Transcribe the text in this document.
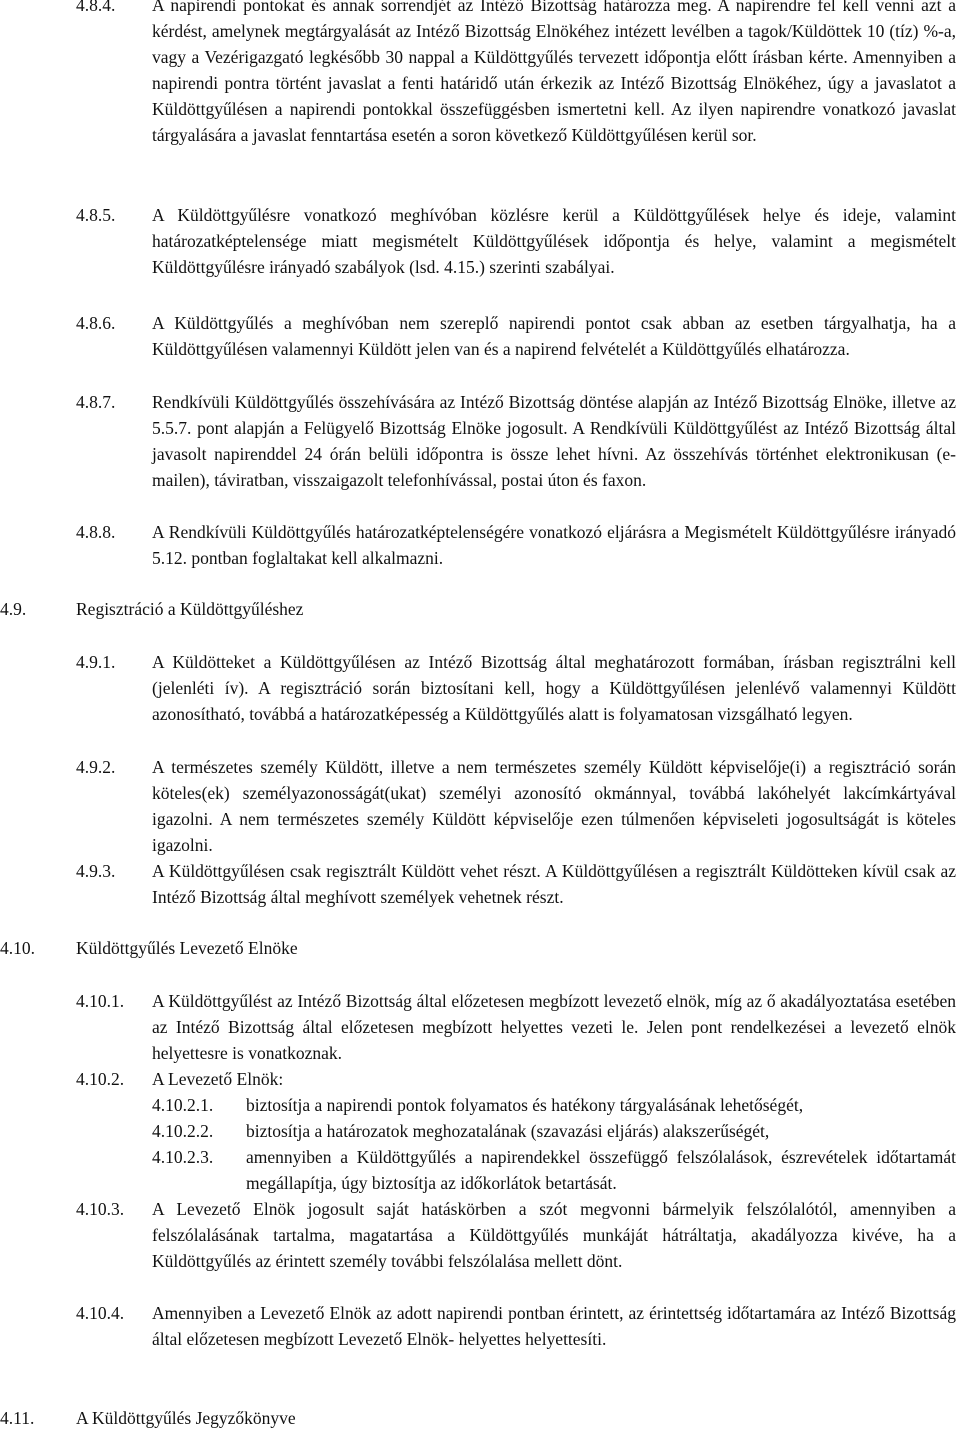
4.8.4. A napirendi pontokat és annak sorrendjét az Intéző Bizottság határozza meg. A napirendre fel kell venni azt a kérdést, amelynek megtárgyalását az Intéző Bizottság Elnökéhez intézett levélben a tagok/Küldöttek 10 (tíz) %-a, vagy a Vezérigazgató legkésőbb 30 nappal a Küldöttgyűlés tervezett időpontja előtt írásban kérte. Amennyiben a napirendi pontra történt javaslat a fenti határidő után érkezik az Intéző Bizottság Elnökéhez, úgy a javaslatot a Küldöttgyűlésen a napirendi pontokkal összefüggésben ismertetni kell. Az ilyen napirendre vonatkozó javaslat tárgyalására a javaslat fenntartása esetén a soron következő Küldöttgyűlésen kerül sor.
4.8.5. A Küldöttgyűlésre vonatkozó meghívóban közlésre kerül a Küldöttgyűlések helye és ideje, valamint határozatképtelensége miatt megismételt Küldöttgyűlések időpontja és helye, valamint a megismételt Küldöttgyűlésre irányadó szabályok (lsd. 4.15.) szerinti szabályai.
4.8.6. A Küldöttgyűlés a meghívóban nem szereplő napirendi pontot csak abban az esetben tárgyalhatja, ha a Küldöttgyűlésen valamennyi Küldött jelen van és a napirend felvételét a Küldöttgyűlés elhatározza.
4.8.7. Rendkívüli Küldöttgyűlés összehívására az Intéző Bizottság döntése alapján az Intéző Bizottság Elnöke, illetve az 5.5.7. pont alapján a Felügyelő Bizottság Elnöke jogosult. A Rendkívüli Küldöttgyűlést az Intéző Bizottság által javasolt napirenddel 24 órán belüli időpontra is össze lehet hívni. Az összehívás történhet elektronikusan (e-mailen), táviratban, visszaigazolt telefonhívással, postai úton és faxon.
4.8.8. A Rendkívüli Küldöttgyűlés határozatképtelenségére vonatkozó eljárásra a Megismételt Küldöttgyűlésre irányadó 5.12. pontban foglaltakat kell alkalmazni.
4.9.	Regisztráció a Küldöttgyűléshez
4.9.1. A Küldötteket a Küldöttgyűlésen az Intéző Bizottság által meghatározott formában, írásban regisztrálni kell (jelenléti ív). A regisztráció során biztosítani kell, hogy a Küldöttgyűlésen jelenlévő valamennyi Küldött azonosítható, továbbá a határozatképesség a Küldöttgyűlés alatt is folyamatosan vizsgálható legyen.
4.9.2. A természetes személy Küldött, illetve a nem természetes személy Küldött képviselője(i) a regisztráció során köteles(ek) személyazonosságát(ukat) személyi azonosító okmánnyal, továbbá lakóhelyét lakcímkártyával igazolni. A nem természetes személy Küldött képviselője ezen túlmenően képviseleti jogosultságát is köteles igazolni.
4.9.3. A Küldöttgyűlésen csak regisztrált Küldött vehet részt. A Küldöttgyűlésen a regisztrált Küldötteken kívül csak az Intéző Bizottság által meghívott személyek vehetnek részt.
4.10. Küldöttgyűlés Levezető Elnöke
4.10.1. A Küldöttgyűlést az Intéző Bizottság által előzetesen megbízott levezető elnök, míg az ő akadályoztatása esetében az Intéző Bizottság által előzetesen megbízott helyettes vezeti le. Jelen pont rendelkezései a levezető elnök helyettesre is vonatkoznak.
4.10.2. A Levezető Elnök:
4.10.2.1. biztosítja a napirendi pontok folyamatos és hatékony tárgyalásának lehetőségét,
4.10.2.2. biztosítja a határozatok meghozatalának (szavazási eljárás) alakszerűségét,
4.10.2.3. amennyiben a Küldöttgyűlés a napirendekkel összefüggő felszólalások, észrevételek időtartamát megállapítja, úgy biztosítja az időkorlátok betartását.
4.10.3. A Levezető Elnök jogosult saját hatáskörben a szót megvonni bármelyik felszólalótól, amennyiben a felszólalásának tartalma, magatartása a Küldöttgyűlés munkáját hátráltatja, akadályozza kivéve, ha a Küldöttgyűlés az érintett személy további felszólalása mellett dönt.
4.10.4. Amennyiben a Levezető Elnök az adott napirendi pontban érintett, az érintettség időtartamára az Intéző Bizottság által előzetesen megbízott Levezető Elnök- helyettes helyettesíti.
4.11. A Küldöttgyűlés Jegyzőkönyve
